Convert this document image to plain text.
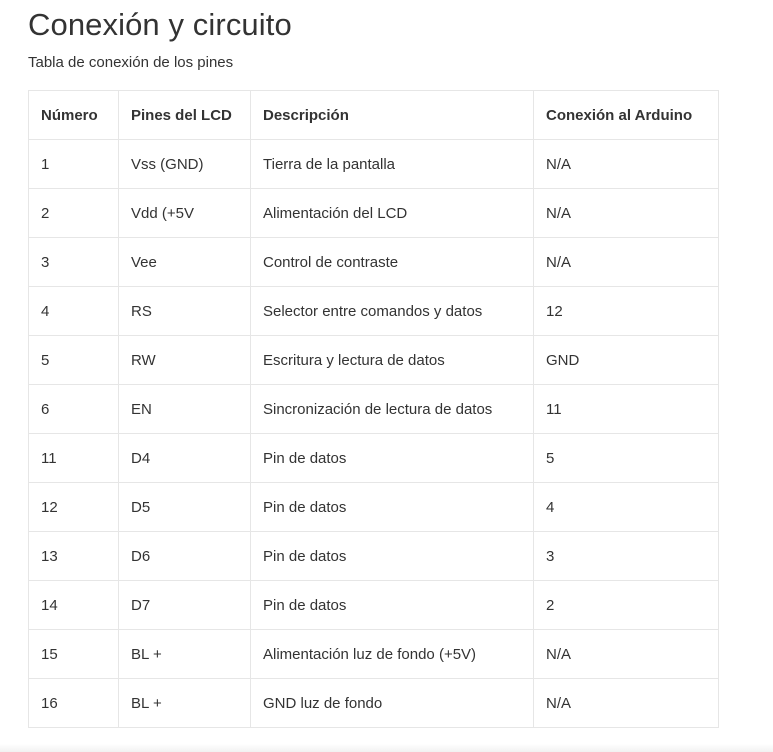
Conexión y circuito

Tabla de conexión de los pines

Número	Pines del LCD	Descripción	Conexión al Arduino
1	Vss (GND)	Tierra de la pantalla	N/A
2	Vdd (+5V	Alimentación del LCD	N/A
3	Vee	Control de contraste	N/A
4	RS	Selector entre comandos y datos	12
5	RW	Escritura y lectura de datos	GND
6	EN	Sincronización de lectura de datos	11
11	D4	Pin de datos	5
12	D5	Pin de datos	4
13	D6	Pin de datos	3
14	D7	Pin de datos	2
15	BL +	Alimentación luz de fondo (+5V)	N/A
16	BL +	GND luz de fondo	N/A
